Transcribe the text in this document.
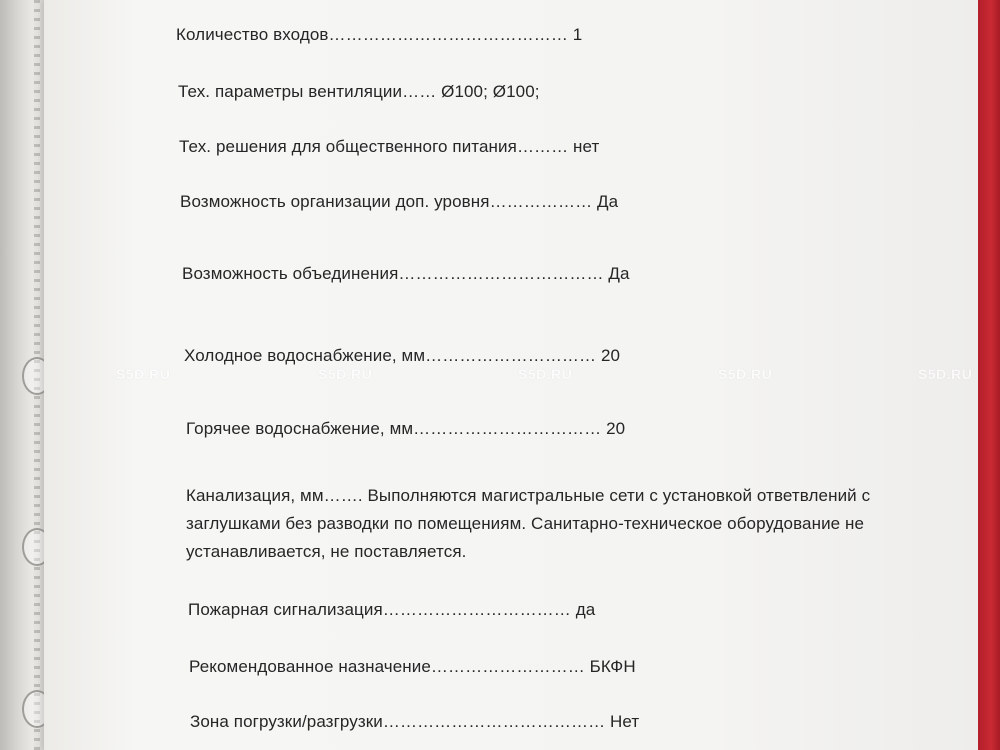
Количество входов…………………………………… 1
Тех. параметры вентиляции…… Ø100; Ø100;
Тех. решения для общественного питания……… нет
Возможность организации доп. уровня……………… Да
Возможность объединения……………………………… Да
Холодное водоснабжение, мм………………………… 20
Горячее водоснабжение, мм…………………………… 20
Канализация, мм……. Выполняются магистральные сети с установкой ответвлений с заглушками без разводки по помещениям. Санитарно-техническое оборудование не устанавливается, не поставляется.
Пожарная сигнализация…………………………… да
Рекомендованное назначение……………………… БКФН
Зона погрузки/разгрузки………………………………… Нет
S5D.RU	S5D.RU	S5D.RU	S5D.RU	S5D.RU
